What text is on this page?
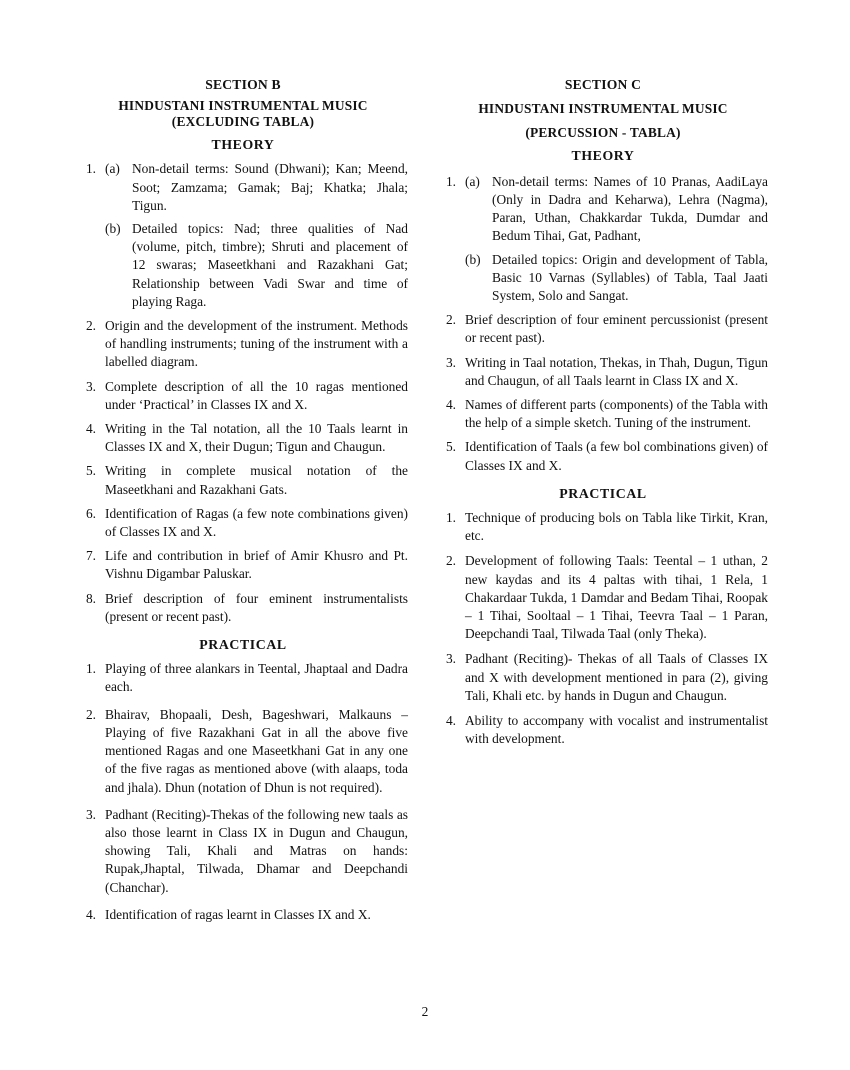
SECTION B

HINDUSTANI INSTRUMENTAL MUSIC

(EXCLUDING TABLA)

THEORY

1. (a) Non-detail terms: Sound (Dhwani); Kan; Meend, Soot; Zamzama; Gamak; Baj; Khatka; Jhala; Tigun.
(b) Detailed topics: Nad; three qualities of Nad (volume, pitch, timbre); Shruti and placement of 12 swaras; Maseetkhani and Razakhani Gat; Relationship between Vadi Swar and time of playing Raga.
2. Origin and the development of the instrument. Methods of handling instruments; tuning of the instrument with a labelled diagram.
3. Complete description of all the 10 ragas mentioned under ‘Practical’ in Classes IX and X.
4. Writing in the Tal notation, all the 10 Taals learnt in Classes IX and X, their Dugun; Tigun and Chaugun.
5. Writing in complete musical notation of the Maseetkhani and Razakhani Gats.
6. Identification of Ragas (a few note combinations given) of Classes IX and X.
7. Life and contribution in brief of Amir Khusro and Pt. Vishnu Digambar Paluskar.
8. Brief description of four eminent instrumentalists (present or recent past).

PRACTICAL

1. Playing of three alankars in Teental, Jhaptaal and Dadra each.
2. Bhairav, Bhopaali, Desh, Bageshwari, Malkauns – Playing of five Razakhani Gat in all the above five mentioned Ragas and one Maseetkhani Gat in any one of the five ragas as mentioned above (with alaaps, toda and jhala). Dhun (notation of Dhun is not required).
3. Padhant (Reciting)-Thekas of the following new taals as also those learnt in Class IX in Dugun and Chaugun, showing Tali, Khali and Matras on hands: Rupak,Jhaptal, Tilwada, Dhamar and Deepchandi (Chanchar).
4. Identification of ragas learnt in Classes IX and X.

SECTION C

HINDUSTANI INSTRUMENTAL MUSIC

(PERCUSSION - TABLA)

THEORY

1. (a) Non-detail terms: Names of 10 Pranas, AadiLaya (Only in Dadra and Keharwa), Lehra (Nagma), Paran, Uthan, Chakkardar Tukda, Dumdar and Bedum Tihai, Gat, Padhant,
(b) Detailed topics: Origin and development of Tabla, Basic 10 Varnas (Syllables) of Tabla, Taal Jaati System, Solo and Sangat.
2. Brief description of four eminent percussionist (present or recent past).
3. Writing in Taal notation, Thekas, in Thah, Dugun, Tigun and Chaugun, of all Taals learnt in Class IX and X.
4. Names of different parts (components) of the Tabla with the help of a simple sketch. Tuning of the instrument.
5. Identification of Taals (a few bol combinations given) of Classes IX and X.

PRACTICAL

1. Technique of producing bols on Tabla like Tirkit, Kran, etc.
2. Development of following Taals: Teental – 1 uthan, 2 new kaydas and its 4 paltas with tihai, 1 Rela, 1 Chakardaar Tukda, 1 Damdar and Bedam Tihai, Roopak – 1 Tihai, Sooltaal – 1 Tihai, Teevra Taal – 1 Paran, Deepchandi Taal, Tilwada Taal (only Theka).
3. Padhant (Reciting)- Thekas of all Taals of Classes IX and X with development mentioned in para (2), giving Tali, Khali etc. by hands in Dugun and Chaugun.
4. Ability to accompany with vocalist and instrumentalist with development.
2
